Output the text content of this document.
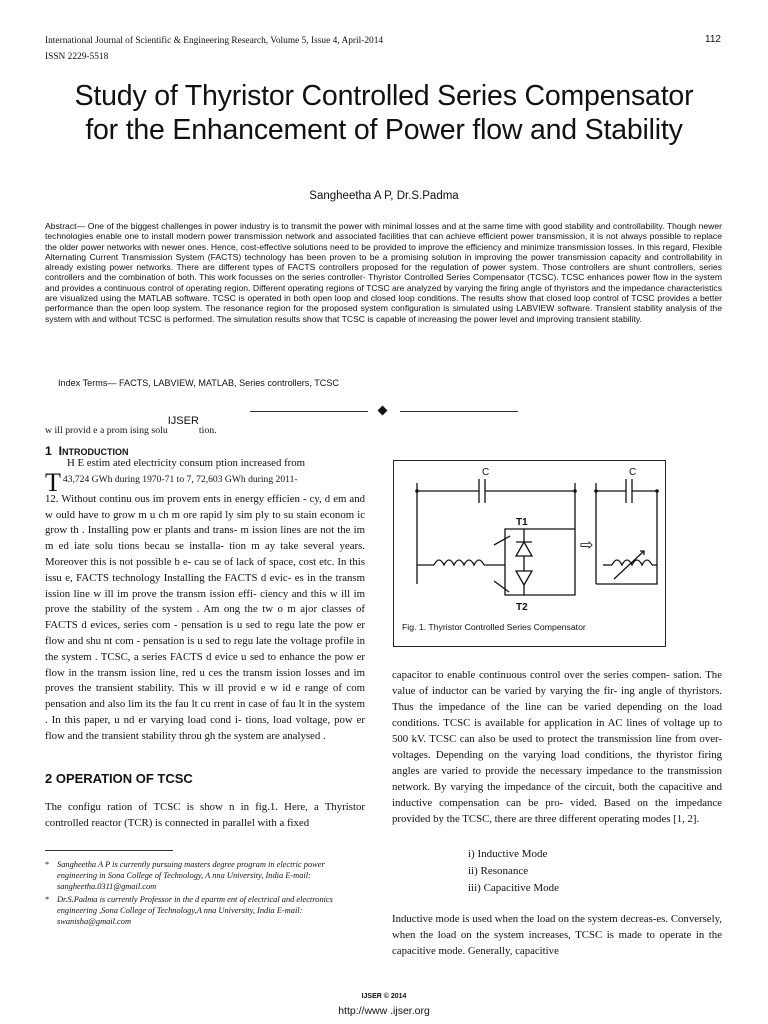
International Journal of Scientific & Engineering Research, Volume 5, Issue 4, April-2014
ISSN 2229-5518
112
Study of Thyristor Controlled Series Compensator
for the Enhancement of Power flow and Stability
Sangheetha A P, Dr.S.Padma
Abstract— One of the biggest challenges in power industry is to transmit the power with minimal losses and at the same time with good stability and controllability. Though newer technologies enable one to install modern power transmission network and associated facilities that can achieve efficient power transmission, it is not always possible to replace the older power networks with newer ones. Hence, cost-effective solutions need to be provided to improve the efficiency and minimize transmission losses. In this regard, Flexible Alternating Current Transmission System (FACTS) technology has been proven to be a promising solution in improving the power transmission capacity and controllability in already existing power networks. There are different types of FACTS controllers proposed for the regulation of power system. Those controllers are shunt controllers, series controllers and the combination of both. This work focusses on the series controller- Thyristor Controlled Series Compensator (TCSC). TCSC enhances power flow in the system and provides a continuous control of operating region. Different operating regions of TCSC are analyzed by varying the firing angle of thyristors and the impedance characteristics are visualized using the MATLAB software. TCSC is operated in both open loop and closed loop conditions. The results show that closed loop control of TCSC provides a better performance than the open loop system. The resonance region for the proposed system configuration is simulated using LABVIEW software. Transient stability analysis of the system with and without TCSC is performed. The simulation results show that TCSC is capable of increasing the power level and improving transient stability.
Index Terms— FACTS, LABVIEW, MATLAB, Series controllers, TCSC
w ill provid e a prom ising soluIJSERtion.
1 INTRODUCTION

H E estim ated electricity consum ption increased from

T 43,724 GWh during 1970-71 to 7, 72,603 GWh during 2011-

12. Without continu ous im provem ents in energy efficien - cy, d em and w ould have to grow m u ch m ore rapid ly sim ply to su stain econom ic grow th . Installing pow er plants and trans- m ission lines are not the im m ed iate solu tions becau se installa- tion m ay take several years. Moreover this is not possible b e- cau se of lack of space, cost etc. In this issu e, FACTS technology Installing the FACTS d evic- es in the transm ission line w ill im prove the transm ission effi- ciency and this w ill im prove the stability of the system . Am ong the tw o m ajor classes of FACTS d evices, series com - pensation is u sed to regu late the pow er flow and shu nt com - pensation is u sed to regu late the voltage profile in the system . TCSC, a series FACTS d evice u sed to enhance the pow er flow in the transm ission line, red u ces the transm ission losses and im proves the transient stability. This w ill provid e w id e range of com pensation and also lim its the fau lt cu rrent in case of fau lt in the system . In this paper, u nd er varying load cond i- tions, load voltage, pow er flow and the transient stability throu gh the system are analysed .

2 OPERATION OF TCSC
The configu ration of TCSC is show n in fig.1. Here, a Thyristor controlled reactor (TCR) is connected in parallel with a fixed
* Sangheetha A P is currently pursuing masters degree program in electric power engineering in Sona College of Technology, A nna University, India E-mail: sangheetha.0311@gmail.com
* Dr.S.Padma is currently Professor in the d epartm ent of electrical and electronics engineering ,Sona College of Technology,A nna University, India E-mail: swanisha@gmail.com
C	C
T1
T2
⇨
Fig. 1. Thyristor Controlled Series Compensator
capacitor to enable continuous control over the series compen- sation. The value of inductor can be varied by varying the fir- ing angle of thyristors. Thus the impedance of the line can be varied depending on the load conditions. TCSC is available for application in AC lines of voltage up to 500 kV. TCSC can also be used to protect the transmission line from over-voltages. Depending on the varying load conditions, the thyristor firing angles are varied to provide the necessary impedance to the transmission network. By varying the impedance of the circuit, both the capacitive and inductive compensation can be pro- vided. Based on the impedance provided by the TCSC, there are three different operating modes [1, 2].
i) Inductive Mode
ii) Resonance
iii) Capacitive Mode
Inductive mode is used when the load on the system decreas-es. Conversely, when the load on the system increases, TCSC is made to operate in the capacitive mode. Generally, capacitive
IJSER © 2014
http://www .ijser.org
